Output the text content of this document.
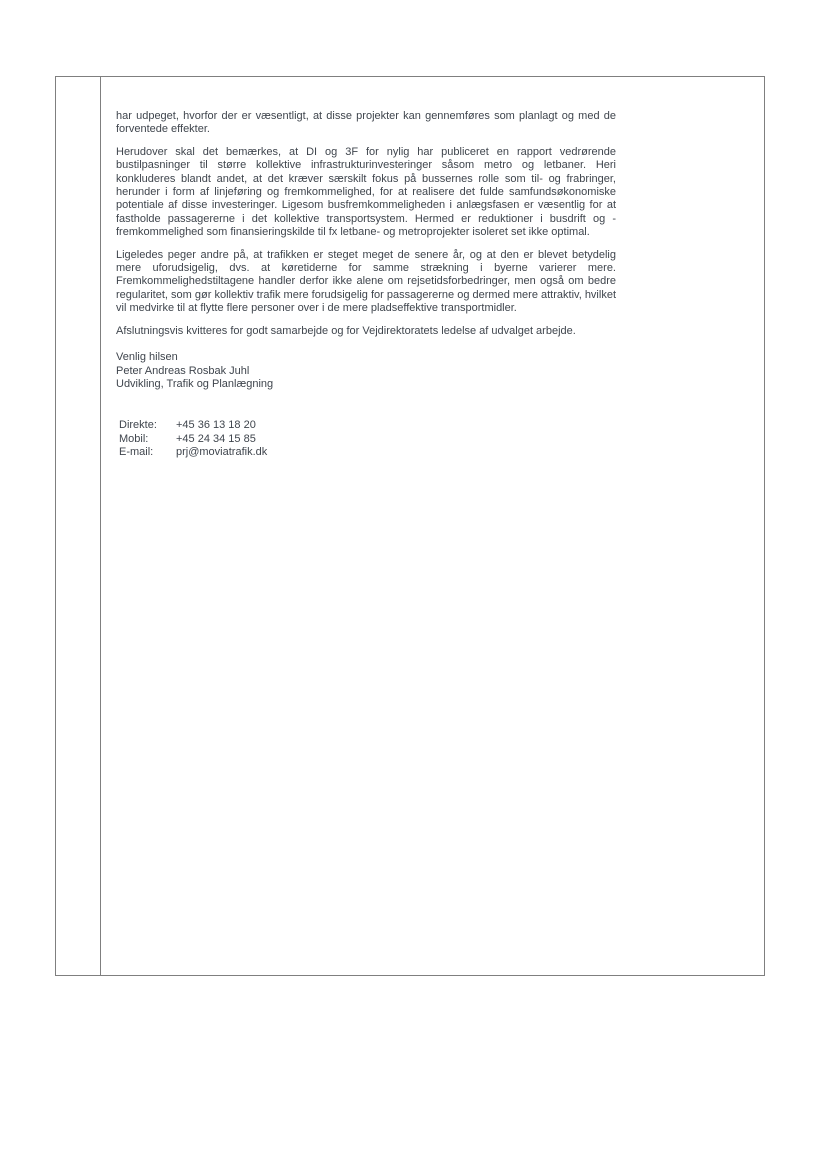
har udpeget, hvorfor der er væsentligt, at disse projekter kan gennemføres som planlagt og med de forventede effekter.

Herudover skal det bemærkes, at DI og 3F for nylig har publiceret en rapport vedrørende bustilpasninger til større kollektive infrastrukturinvesteringer såsom metro og letbaner. Heri konkluderes blandt andet, at det kræver særskilt fokus på bussernes rolle som til- og frabringer, herunder i form af linjeføring og fremkommelighed, for at realisere det fulde samfundsøkonomiske potentiale af disse investeringer. Ligesom busfremkommeligheden i anlægsfasen er væsentlig for at fastholde passagererne i det kollektive transportsystem. Hermed er reduktioner i busdrift og -fremkommelighed som finansieringskilde til fx letbane- og metroprojekter isoleret set ikke optimal.

Ligeledes peger andre på, at trafikken er steget meget de senere år, og at den er blevet betydelig mere uforudsigelig, dvs. at køretiderne for samme strækning i byerne varierer mere. Fremkommelighedstiltagene handler derfor ikke alene om rejsetidsforbedringer, men også om bedre regularitet, som gør kollektiv trafik mere forudsigelig for passagererne og dermed mere attraktiv, hvilket vil medvirke til at flytte flere personer over i de mere pladseffektive transportmidler.

Afslutningsvis kvitteres for godt samarbejde og for Vejdirektoratets ledelse af udvalget arbejde.

Venlig hilsen

Peter Andreas Rosbak Juhl

Udvikling, Trafik og Planlægning

Direkte:	+45 36 13 18 20
Mobil:	+45 24 34 15 85
E-mail:	prj@moviatrafik.dk
